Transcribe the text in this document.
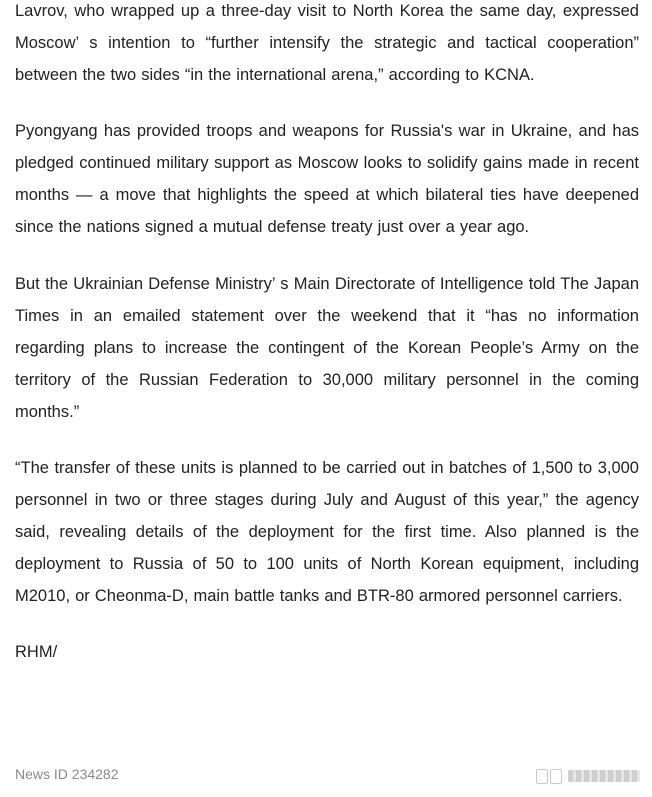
Lavrov, who wrapped up a three-day visit to North Korea the same day, expressed Moscow’ s intention to “further intensify the strategic and tactical cooperation” between the two sides “in the international arena,” according to KCNA.

Pyongyang has provided troops and weapons for Russia's war in Ukraine, and has pledged continued military support as Moscow looks to solidify gains made in recent months — a move that highlights the speed at which bilateral ties have deepened since the nations signed a mutual defense treaty just over a year ago.

But the Ukrainian Defense Ministry’ s Main Directorate of Intelligence told The Japan Times in an emailed statement over the weekend that it “has no information regarding plans to increase the contingent of the Korean People’s Army on the territory of the Russian Federation to 30,000 military personnel in the coming months.”

“The transfer of these units is planned to be carried out in batches of 1,500 to 3,000 personnel in two or three stages during July and August of this year,” the agency said, revealing details of the deployment for the first time. Also planned is the deployment to Russia of 50 to 100 units of North Korean equipment, including M2010, or Cheonma-D, main battle tanks and BTR-80 armored personnel carriers.

RHM/

News ID 234282
